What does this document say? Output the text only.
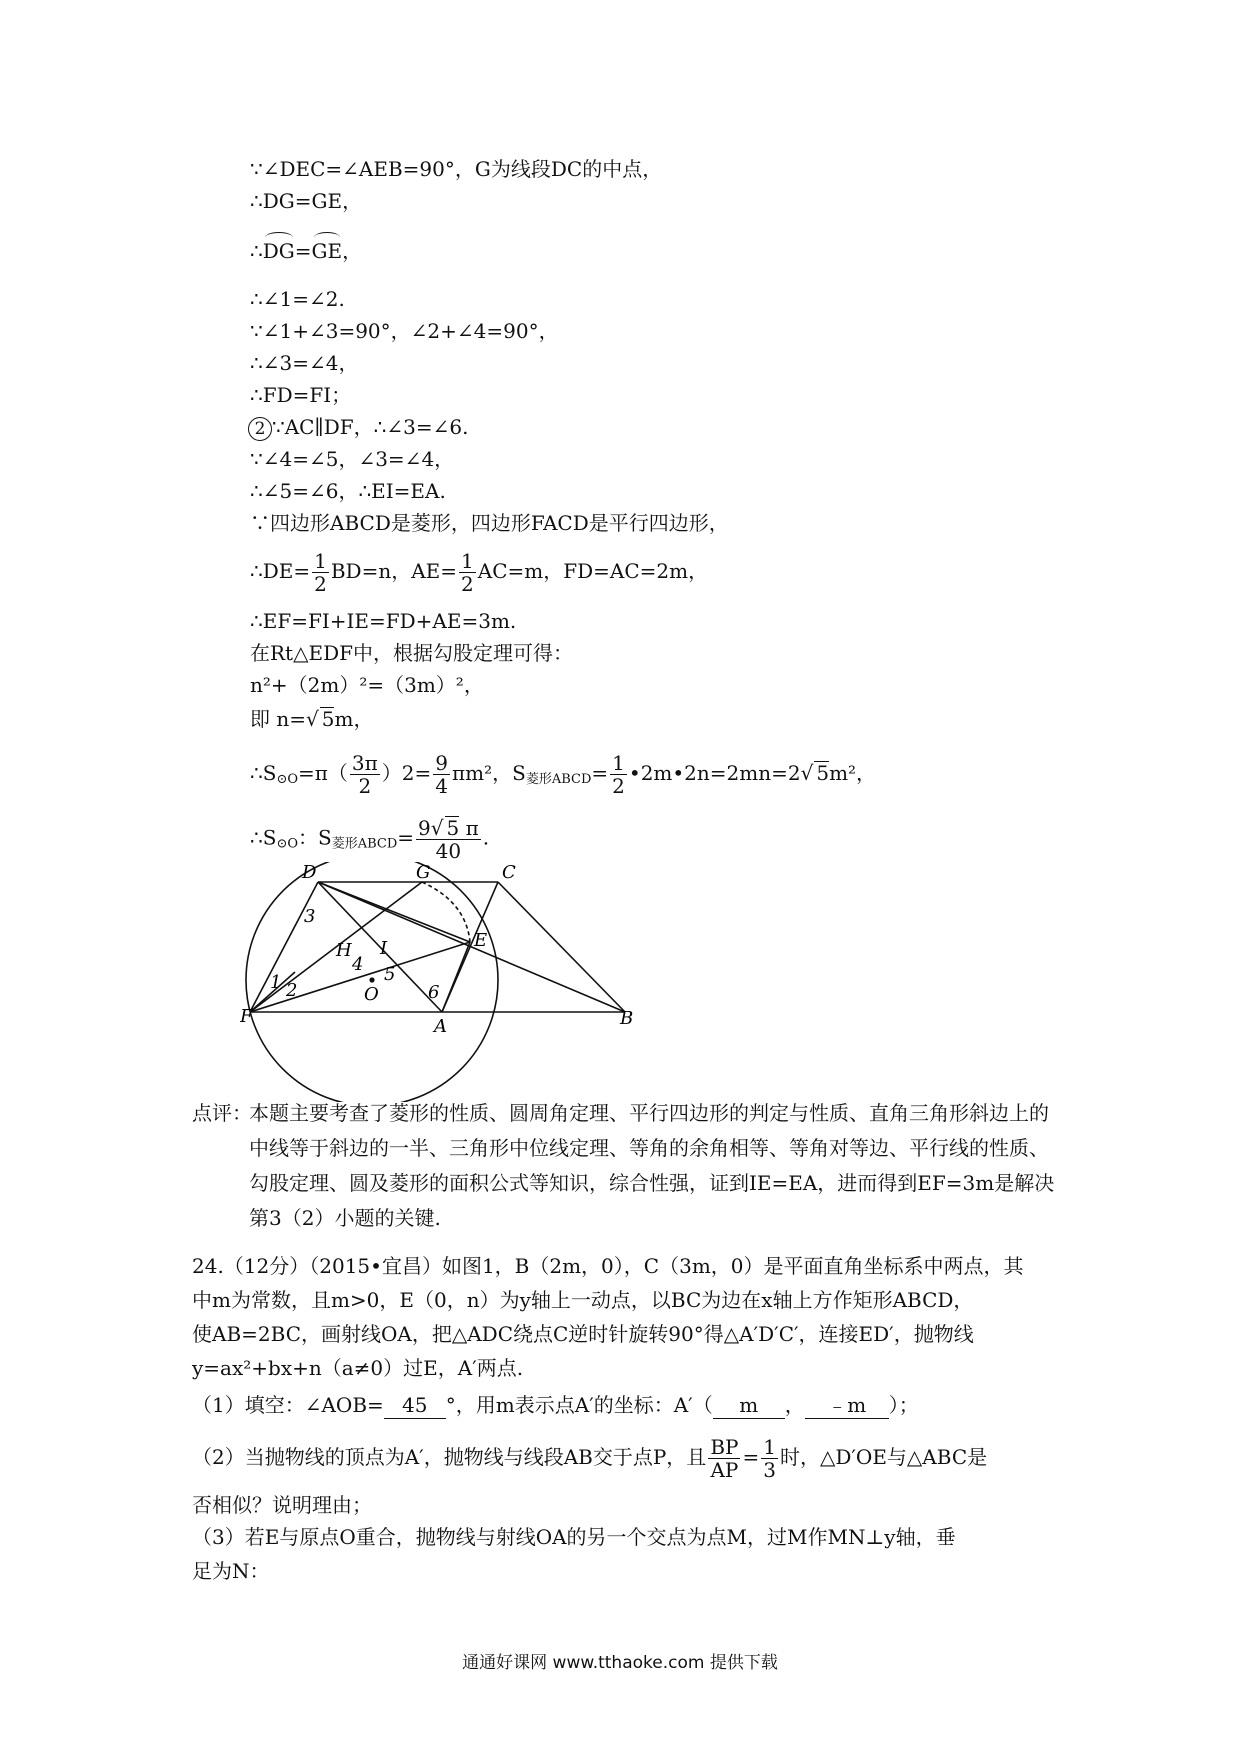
∵∠DEC=∠AEB=90°，G为线段DC的中点，
∴DG=GE，
∴DG=GE，
∴∠1=∠2.
∵∠1+∠3=90°，∠2+∠4=90°，
∴∠3=∠4，
∴FD=FI；
2 ∵AC∥DF，∴∠3=∠6.
∵∠4=∠5，∠3=∠4，
∴∠5=∠6，∴EI=EA.
∵四边形ABCD是菱形，四边形FACD是平行四边形，
∴DE= $\frac{1}{2} BD=n$，$AE= \frac{1}{2} AC=m$，FD=AC=2m，
∴EF=FI+IE=FD+AE=3m.
在Rt△EDF中，根据勾股定理可得：
n²+（2m）²=（3m）²，
即 n=√ 5m，
$\therefore S_{⊙O}=\pi( \frac{3\pi}{2} )2= \frac{9}{4} \pi m^2$，$S_{菱形ABCD}= \frac{1}{2}$ •2m•2n=2mn=2√ 5m²，
$\therefore S_{⊙O}$：$S_{菱形ABCD}= \frac{9√ 5 \pi}{40}$ .
D	G	C
E
H I
O
F	A	B
1 2
3
4 5
6
点评：
本题主要考查了菱形的性质、圆周角定理、平行四边形的判定与性质、直角三角形斜边上的中线等于斜边的一半、三角形中位线定理、等角的余角相等、等角对等边、平行线的性质、勾股定理、圆及菱形的面积公式等知识，综合性强，证到IE=EA，进而得到EF=3m是解决第3（2）小题的关键.
24.（12分）（2015•宜昌）如图1，B（2m，0），C（3m，0）是平面直角坐标系中两点，其
中m为常数，且m>0，E（0，n）为y轴上一动点，以BC为边在x轴上方作矩形ABCD，
使AB=2BC，画射线OA，把△ADC绕点C逆时针旋转90°得△A′D′C′，连接ED′，抛物线
y=ax²+bx+n（a≠0）过E，A′两点.
（1）填空：∠AOB= 45 °，用m表示点A′的坐标：A′（ m ， ﹣m ）；
（2）当抛物线的顶点为A′，抛物线与线段AB交于点P，且 $\frac{BP}{AP} = \frac{1}{3}$ 时，△D′OE与△ABC是
否相似？说明理由；
（3）若E与原点O重合，抛物线与射线OA的另一个交点为点M，过M作MN⊥y轴，垂
足为N：
通通好课网 www.tthaoke.com 提供下载
